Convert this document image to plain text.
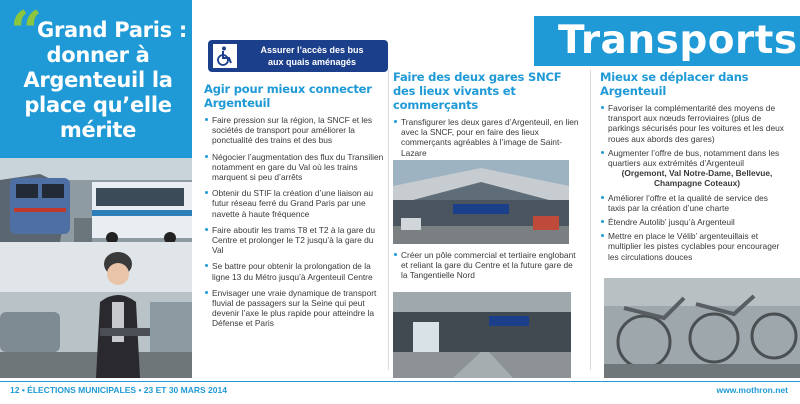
“
Grand Paris :
donner à
Argenteuil la
place qu’elle
mérite
Assurer l’accès des bus
aux quais aménagés	Transports
Agir pour mieux connecter Argenteuil
Faire pression sur la région, la SNCF et les sociétés de transport pour améliorer la ponctualité des trains et des bus
Négocier l’augmentation des flux du Transilien notamment en gare du Val où les trains marquent si peu d’arrêts
Obtenir du STIF la création d’une liaison au futur réseau ferré du Grand Paris par une navette à haute fréquence
Faire aboutir les trams T8 et T2 à la gare du Centre et prolonger le T2 jusqu’à la gare du Val
Se battre pour obtenir la prolongation de la ligne 13 du Métro jusqu’à Argenteuil Centre
Envisager une vraie dynamique de transport fluvial de passagers sur la Seine qui peut devenir l’axe le plus rapide pour atteindre la Défense et Paris
Faire des deux gares SNCF des lieux vivants et commerçants
Transfigurer les deux gares d’Argenteuil, en lien avec la SNCF, pour en faire des lieux commerçants agréables à l’image de Saint-Lazare
Créer un pôle commercial et tertiaire englobant et reliant la gare du Centre et la future gare de la Tangentielle Nord
Mieux se déplacer dans Argenteuil
Favoriser la complémentarité des moyens de transport aux nœuds ferroviaires (plus de parkings sécurisés pour les voitures et les deux roues aux abords des gares)
Augmenter l’offre de bus, notamment dans les quartiers aux extrémités d’Argenteuil
(Orgemont, Val Notre-Dame, Bellevue,
Champagne Coteaux)
Améliorer l’offre et la qualité de service des taxis par la création d’une charte
Étendre Autolib’ jusqu’à Argenteuil
Mettre en place le Vélib’ argenteuillais et multiplier les pistes cyclables pour encourager les circulations douces
12 • ÉLECTIONS MUNICIPALES • 23 ET 30 MARS 2014	www.mothron.net
